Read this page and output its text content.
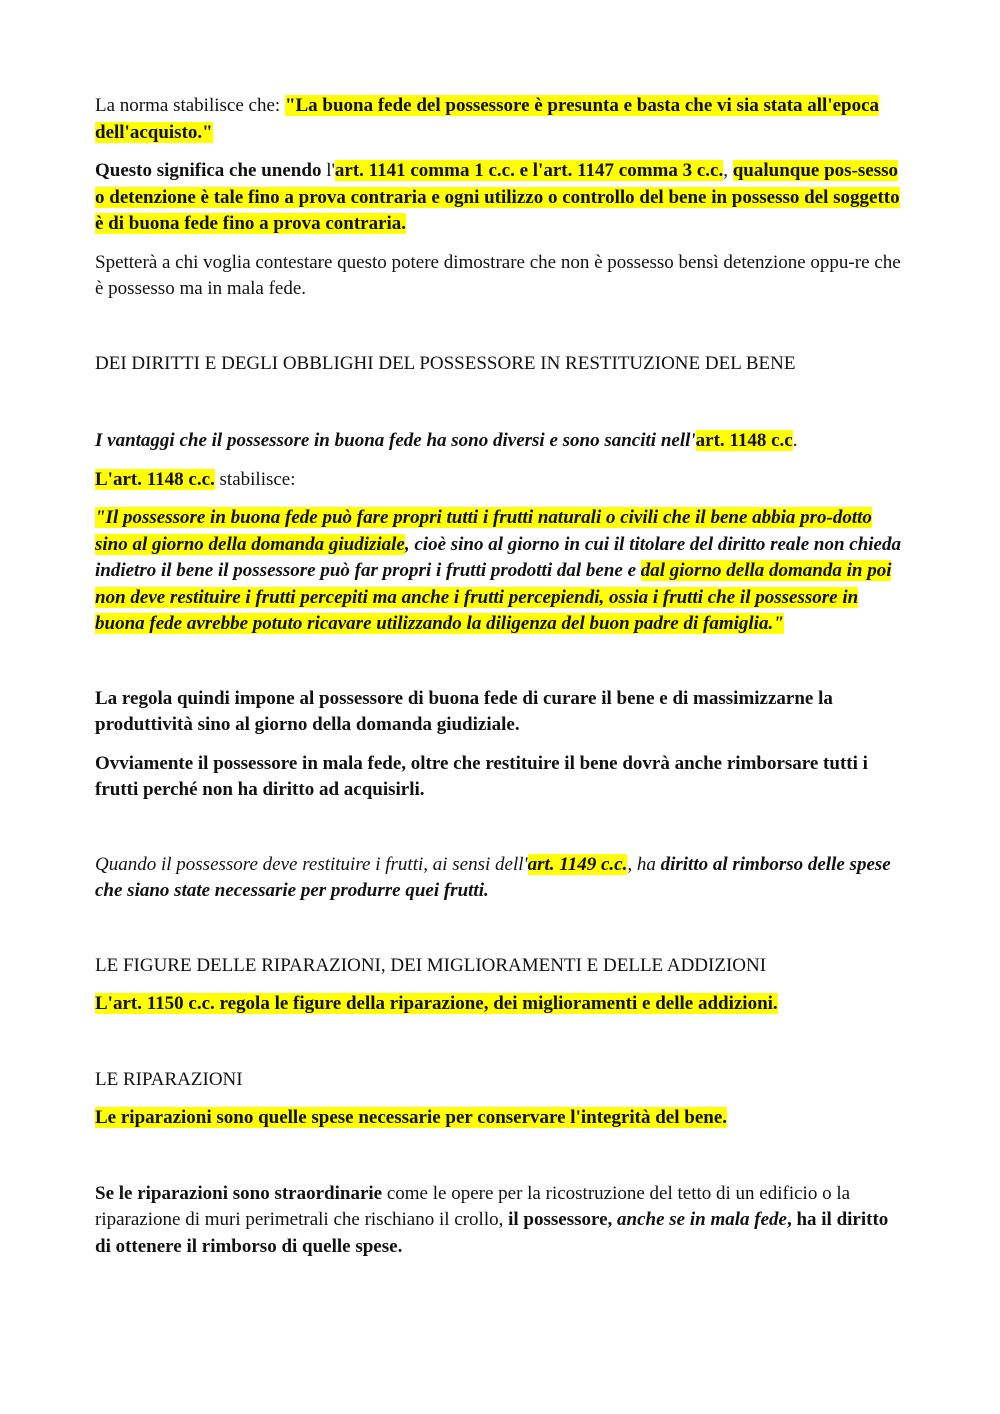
La norma stabilisce che: "La buona fede del possessore è presunta e basta che vi sia stata all'epoca dell'acquisto."

Questo significa che unendo l'art. 1141 comma 1 c.c. e l'art. 1147 comma 3 c.c., qualunque pos-sesso o detenzione è tale fino a prova contraria e ogni utilizzo o controllo del bene in possesso del soggetto è di buona fede fino a prova contraria.

Spetterà a chi voglia contestare questo potere dimostrare che non è possesso bensì detenzione oppu-re che è possesso ma in mala fede.

DEI DIRITTI E DEGLI OBBLIGHI DEL POSSESSORE IN RESTITUZIONE DEL BENE

I vantaggi che il possessore in buona fede ha sono diversi e sono sanciti nell'art. 1148 c.c.

L'art. 1148 c.c. stabilisce:

"Il possessore in buona fede può fare propri tutti i frutti naturali o civili che il bene abbia pro-dotto sino al giorno della domanda giudiziale, cioè sino al giorno in cui il titolare del diritto reale non chieda indietro il bene il possessore può far propri i frutti prodotti dal bene e dal giorno della domanda in poi non deve restituire i frutti percepiti ma anche i frutti percepiendi, ossia i frutti che il possessore in buona fede avrebbe potuto ricavare utilizzando la diligenza del buon padre di famiglia."

La regola quindi impone al possessore di buona fede di curare il bene e di massimizzarne la produttività sino al giorno della domanda giudiziale.

Ovviamente il possessore in mala fede, oltre che restituire il bene dovrà anche rimborsare tutti i frutti perché non ha diritto ad acquisirli.

Quando il possessore deve restituire i frutti, ai sensi dell'art. 1149 c.c., ha diritto al rimborso delle spese che siano state necessarie per produrre quei frutti.

LE FIGURE DELLE RIPARAZIONI, DEI MIGLIORAMENTI E DELLE ADDIZIONI

L'art. 1150 c.c. regola le figure della riparazione, dei miglioramenti e delle addizioni.

LE RIPARAZIONI

Le riparazioni sono quelle spese necessarie per conservare l'integrità del bene.

Se le riparazioni sono straordinarie come le opere per la ricostruzione del tetto di un edificio o la riparazione di muri perimetrali che rischiano il crollo, il possessore, anche se in mala fede, ha il diritto di ottenere il rimborso di quelle spese.
